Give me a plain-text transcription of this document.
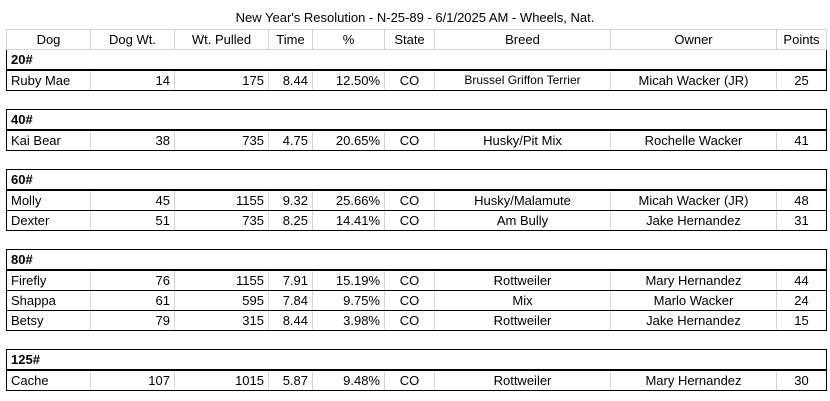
New Year's Resolution - N-25-89 - 6/1/2025 AM - Wheels, Nat.
Dog	Dog Wt.	Wt. Pulled	Time	%	State	Breed	Owner	Points
20#								
Ruby Mae	14	175	8.44	12.50%	CO	Brussel Griffon Terrier	Micah Wacker (JR)	25

40#								
Kai Bear	38	735	4.75	20.65%	CO	Husky/Pit Mix	Rochelle Wacker	41

60#								
Molly	45	1155	9.32	25.66%	CO	Husky/Malamute	Micah Wacker (JR)	48
Dexter	51	735	8.25	14.41%	CO	Am Bully	Jake Hernandez	31

80#								
Firefly	76	1155	7.91	15.19%	CO	Rottweiler	Mary Hernandez	44
Shappa	61	595	7.84	9.75%	CO	Mix	Marlo Wacker	24
Betsy	79	315	8.44	3.98%	CO	Rottweiler	Jake Hernandez	15

125#								
Cache	107	1015	5.87	9.48%	CO	Rottweiler	Mary Hernandez	30
